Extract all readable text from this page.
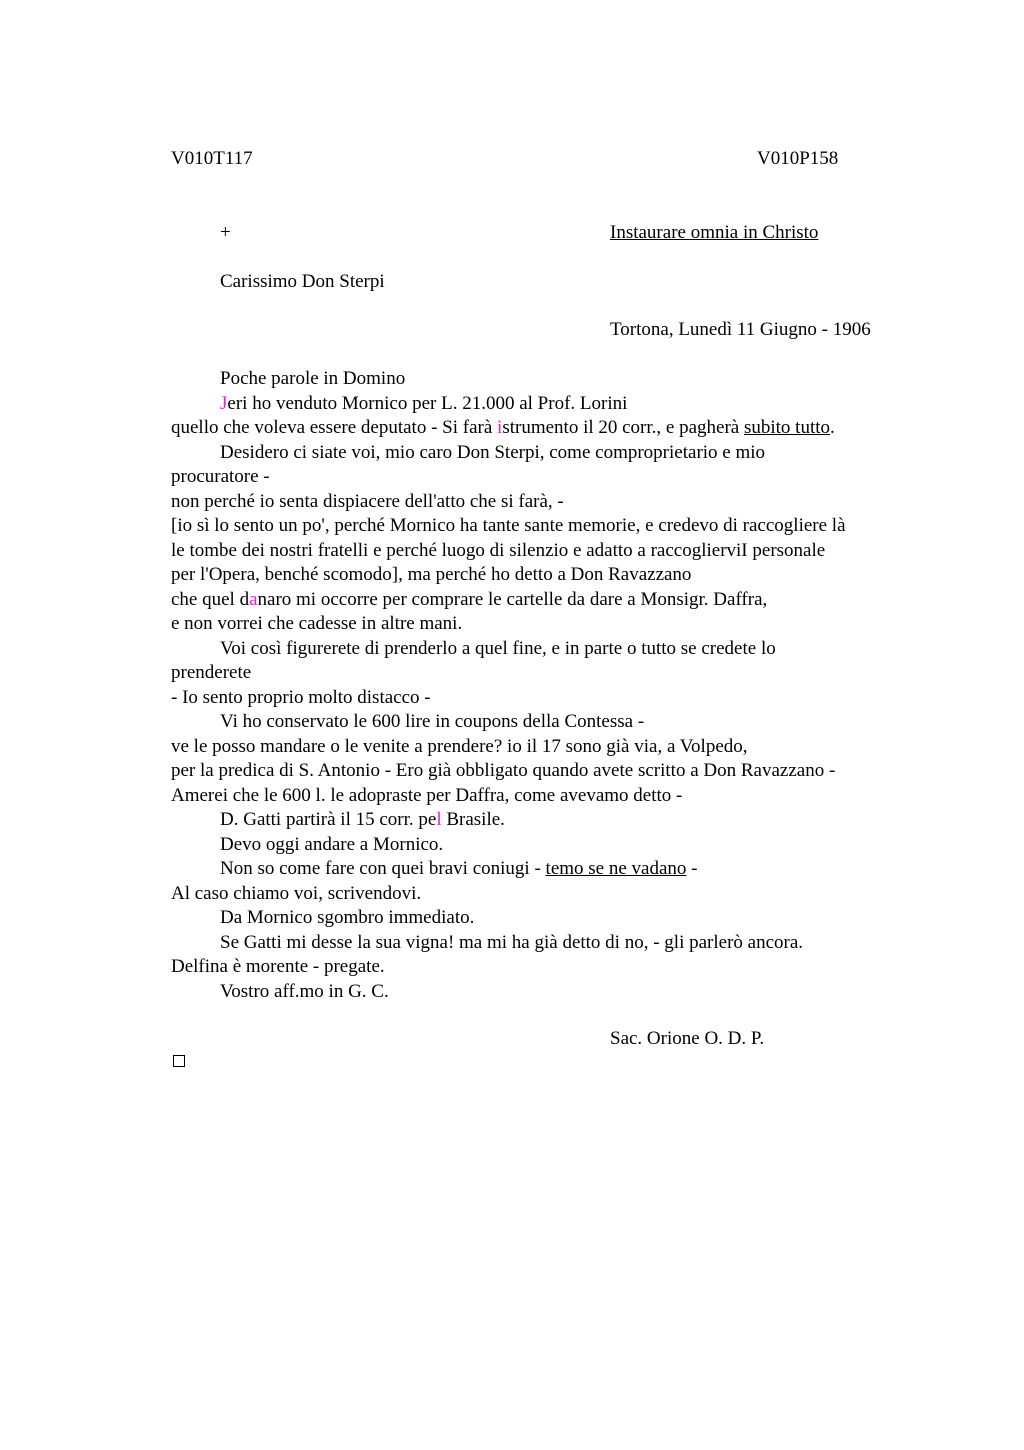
V010T117	V010P158
+	Instaurare omnia in Christo
Carissimo Don Sterpi
Tortona, Lunedì 11 Giugno - 1906
Poche parole in Domino
Jeri ho venduto Mornico per L. 21.000 al Prof. Lorini
quello che voleva essere deputato - Si farà istrumento il 20 corr., e pagherà subito tutto.
Desidero ci siate voi, mio caro Don Sterpi, come comproprietario e mio
procuratore -
non perché io senta dispiacere dell'atto che si farà, -
[io sì lo sento un po', perché Mornico ha tante sante memorie, e credevo di raccogliere là
le tombe dei nostri fratelli e perché luogo di silenzio e adatto a raccoglierviI personale
per l'Opera, benché scomodo], ma perché ho detto a Don Ravazzano
che quel danaro mi occorre per comprare le cartelle da dare a Monsigr. Daffra,
e non vorrei che cadesse in altre mani.
Voi così figurerete di prenderlo a quel fine, e in parte o tutto se credete lo
prenderete
- Io sento proprio molto distacco -
Vi ho conservato le 600 lire in coupons della Contessa -
ve le posso mandare o le venite a prendere? io il 17 sono già via, a Volpedo,
per la predica di S. Antonio - Ero già obbligato quando avete scritto a Don Ravazzano -
Amerei che le 600 l. le adopraste per Daffra, come avevamo detto -
D. Gatti partirà il 15 corr. pel Brasile.
Devo oggi andare a Mornico.
Non so come fare con quei bravi coniugi - temo se ne vadano -
Al caso chiamo voi, scrivendovi.
Da Mornico sgombro immediato.
Se Gatti mi desse la sua vigna! ma mi ha già detto di no, - gli parlerò ancora.
Delfina è morente - pregate.
Vostro aff.mo in G. C.
Sac. Orione O. D. P.
